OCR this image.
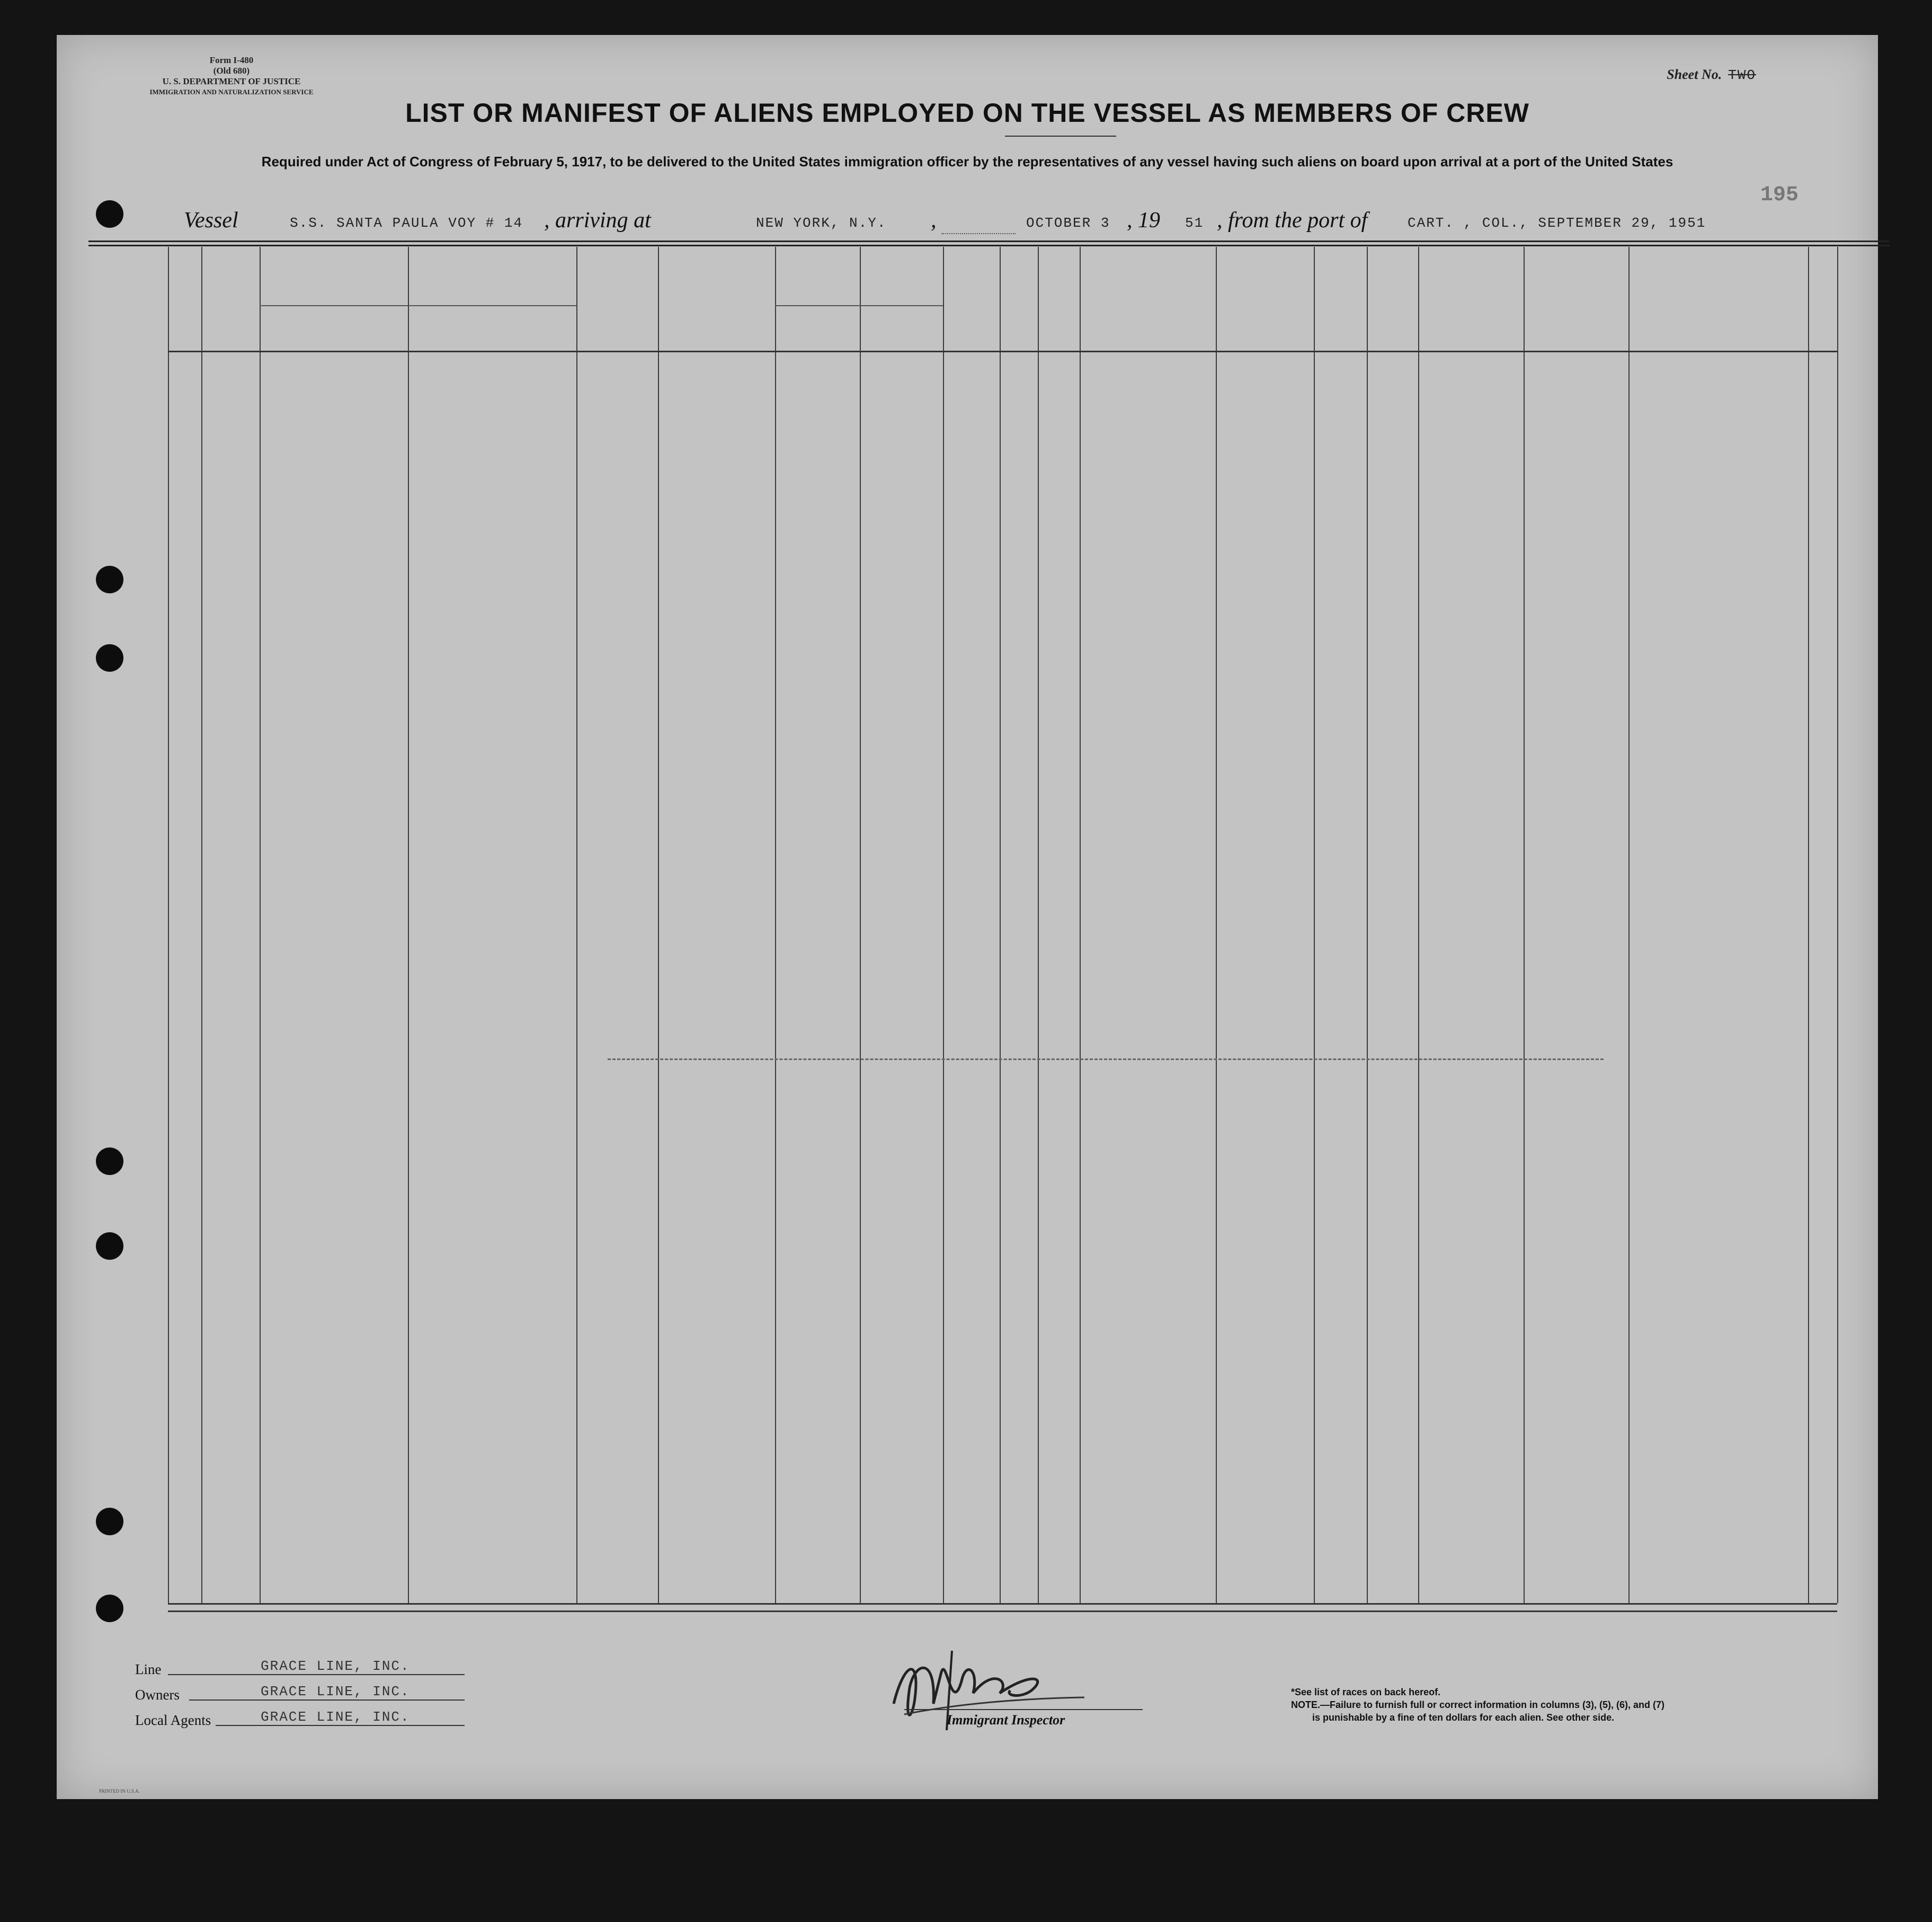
Form I-480
(Old 680)
U. S. DEPARTMENT OF JUSTICE
IMMIGRATION AND NATURALIZATION SERVICE
Sheet No. TWO
LIST OR MANIFEST OF ALIENS EMPLOYED ON THE VESSEL AS MEMBERS OF CREW
Required under Act of Congress of February 5, 1917, to be delivered to the United States immigration officer by the representatives of any vessel having such aliens on board upon arrival at a port of the United States
195
Vessel	S.S. SANTA PAULA VOY # 14 , arriving at	NEW YORK, N.Y. ,	OCTOBER 3 , 19 51 , from the port of	CART. , COL., SEPTEMBER 29, 1951
Line	GRACE LINE, INC.
Owners	GRACE LINE, INC.
Local Agents	GRACE LINE, INC.	Immigrant Inspector
*See list of races on back hereof.
NOTE.—Failure to furnish full or correct information in columns (3), (5), (6), and (7)
is punishable by a fine of ten dollars for each alien. See other side.
PRINTED IN U.S.A.
